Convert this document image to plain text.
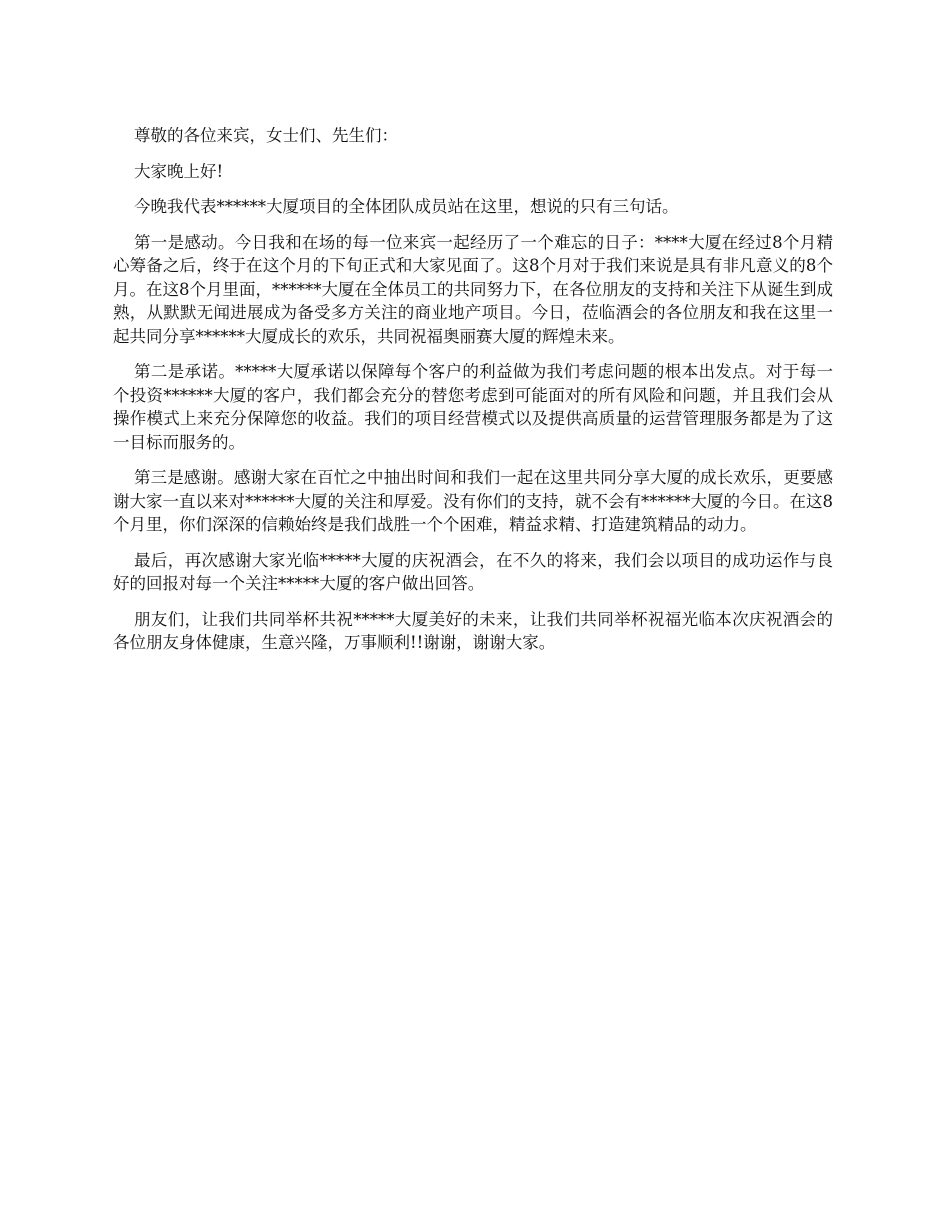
尊敬的各位来宾，女士们、先生们：

大家晚上好!

今晚我代表******大厦项目的全体团队成员站在这里，想说的只有三句话。

第一是感动。今日我和在场的每一位来宾一起经历了一个难忘的日子：****大厦在经过8个月精心筹备之后，终于在这个月的下旬正式和大家见面了。这8个月对于我们来说是具有非凡意义的8个月。在这8个月里面，******大厦在全体员工的共同努力下，在各位朋友的支持和关注下从诞生到成熟，从默默无闻进展成为备受多方关注的商业地产项目。今日，莅临酒会的各位朋友和我在这里一起共同分享******大厦成长的欢乐，共同祝福奥丽赛大厦的辉煌未来。

第二是承诺。*****大厦承诺以保障每个客户的利益做为我们考虑问题的根本出发点。对于每一个投资******大厦的客户，我们都会充分的替您考虑到可能面对的所有风险和问题，并且我们会从操作模式上来充分保障您的收益。我们的项目经营模式以及提供高质量的运营管理服务都是为了这一目标而服务的。

第三是感谢。感谢大家在百忙之中抽出时间和我们一起在这里共同分享大厦的成长欢乐，更要感谢大家一直以来对******大厦的关注和厚爱。没有你们的支持，就不会有******大厦的今日。在这8个月里，你们深深的信赖始终是我们战胜一个个困难，精益求精、打造建筑精品的动力。

最后，再次感谢大家光临*****大厦的庆祝酒会，在不久的将来，我们会以项目的成功运作与良好的回报对每一个关注*****大厦的客户做出回答。

朋友们，让我们共同举杯共祝*****大厦美好的未来，让我们共同举杯祝福光临本次庆祝酒会的各位朋友身体健康，生意兴隆，万事顺利!!谢谢，谢谢大家。
